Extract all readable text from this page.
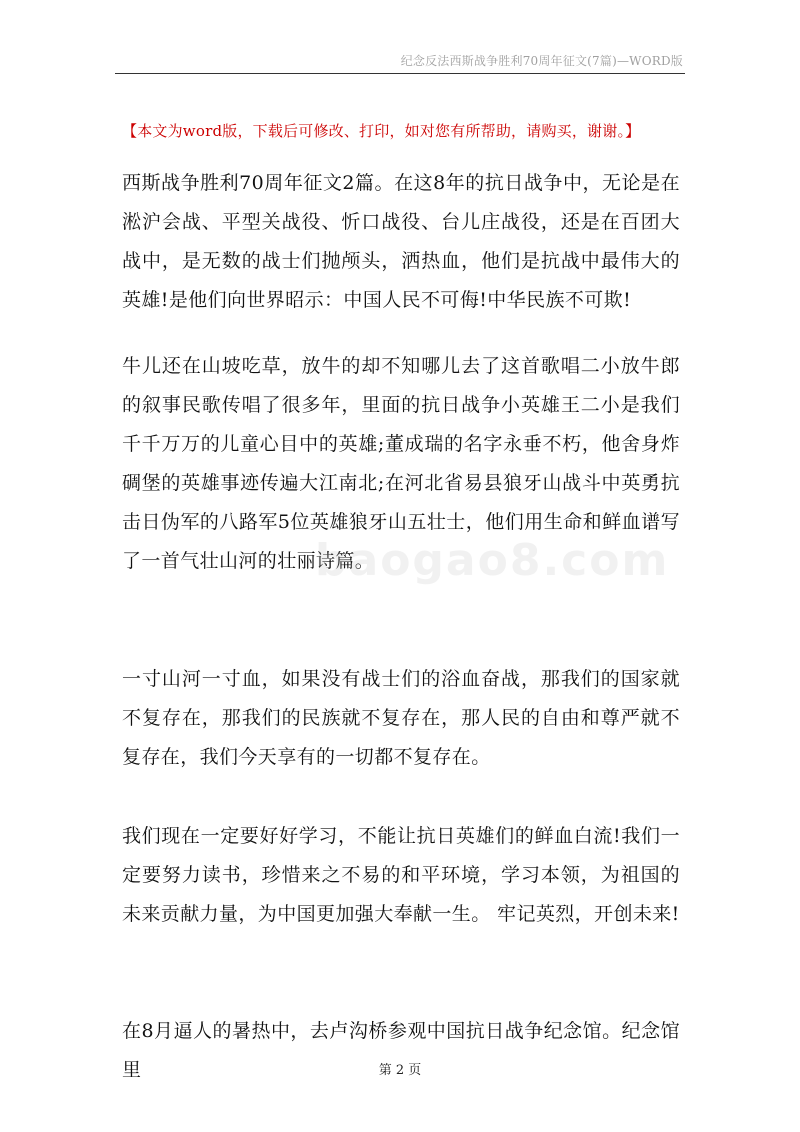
纪念反法西斯战争胜利70周年征文(7篇)—WORD版
【本文为word版，下载后可修改、打印，如对您有所帮助，请购买，谢谢。】

西斯战争胜利70周年征文2篇。在这8年的抗日战争中，无论是在淞沪会战、平型关战役、忻口战役、台儿庄战役，还是在百团大战中，是无数的战士们抛颅头，洒热血，他们是抗战中最伟大的英雄!是他们向世界昭示：中国人民不可侮!中华民族不可欺!

牛儿还在山坡吃草，放牛的却不知哪儿去了这首歌唱二小放牛郎的叙事民歌传唱了很多年，里面的抗日战争小英雄王二小是我们千千万万的儿童心目中的英雄;董成瑞的名字永垂不朽，他舍身炸碉堡的英雄事迹传遍大江南北;在河北省易县狼牙山战斗中英勇抗击日伪军的八路军5位英雄狼牙山五壮士，他们用生命和鲜血谱写了一首气壮山河的壮丽诗篇。

一寸山河一寸血，如果没有战士们的浴血奋战，那我们的国家就不复存在，那我们的民族就不复存在，那人民的自由和尊严就不复存在，我们今天享有的一切都不复存在。

我们现在一定要好好学习，不能让抗日英雄们的鲜血白流!我们一定要努力读书，珍惜来之不易的和平环境，学习本领，为祖国的未来贡献力量，为中国更加强大奉献一生。 牢记英烈，开创未来!

在8月逼人的暑热中，去卢沟桥参观中国抗日战争纪念馆。纪念馆里

baogao8.com
第 2 页
